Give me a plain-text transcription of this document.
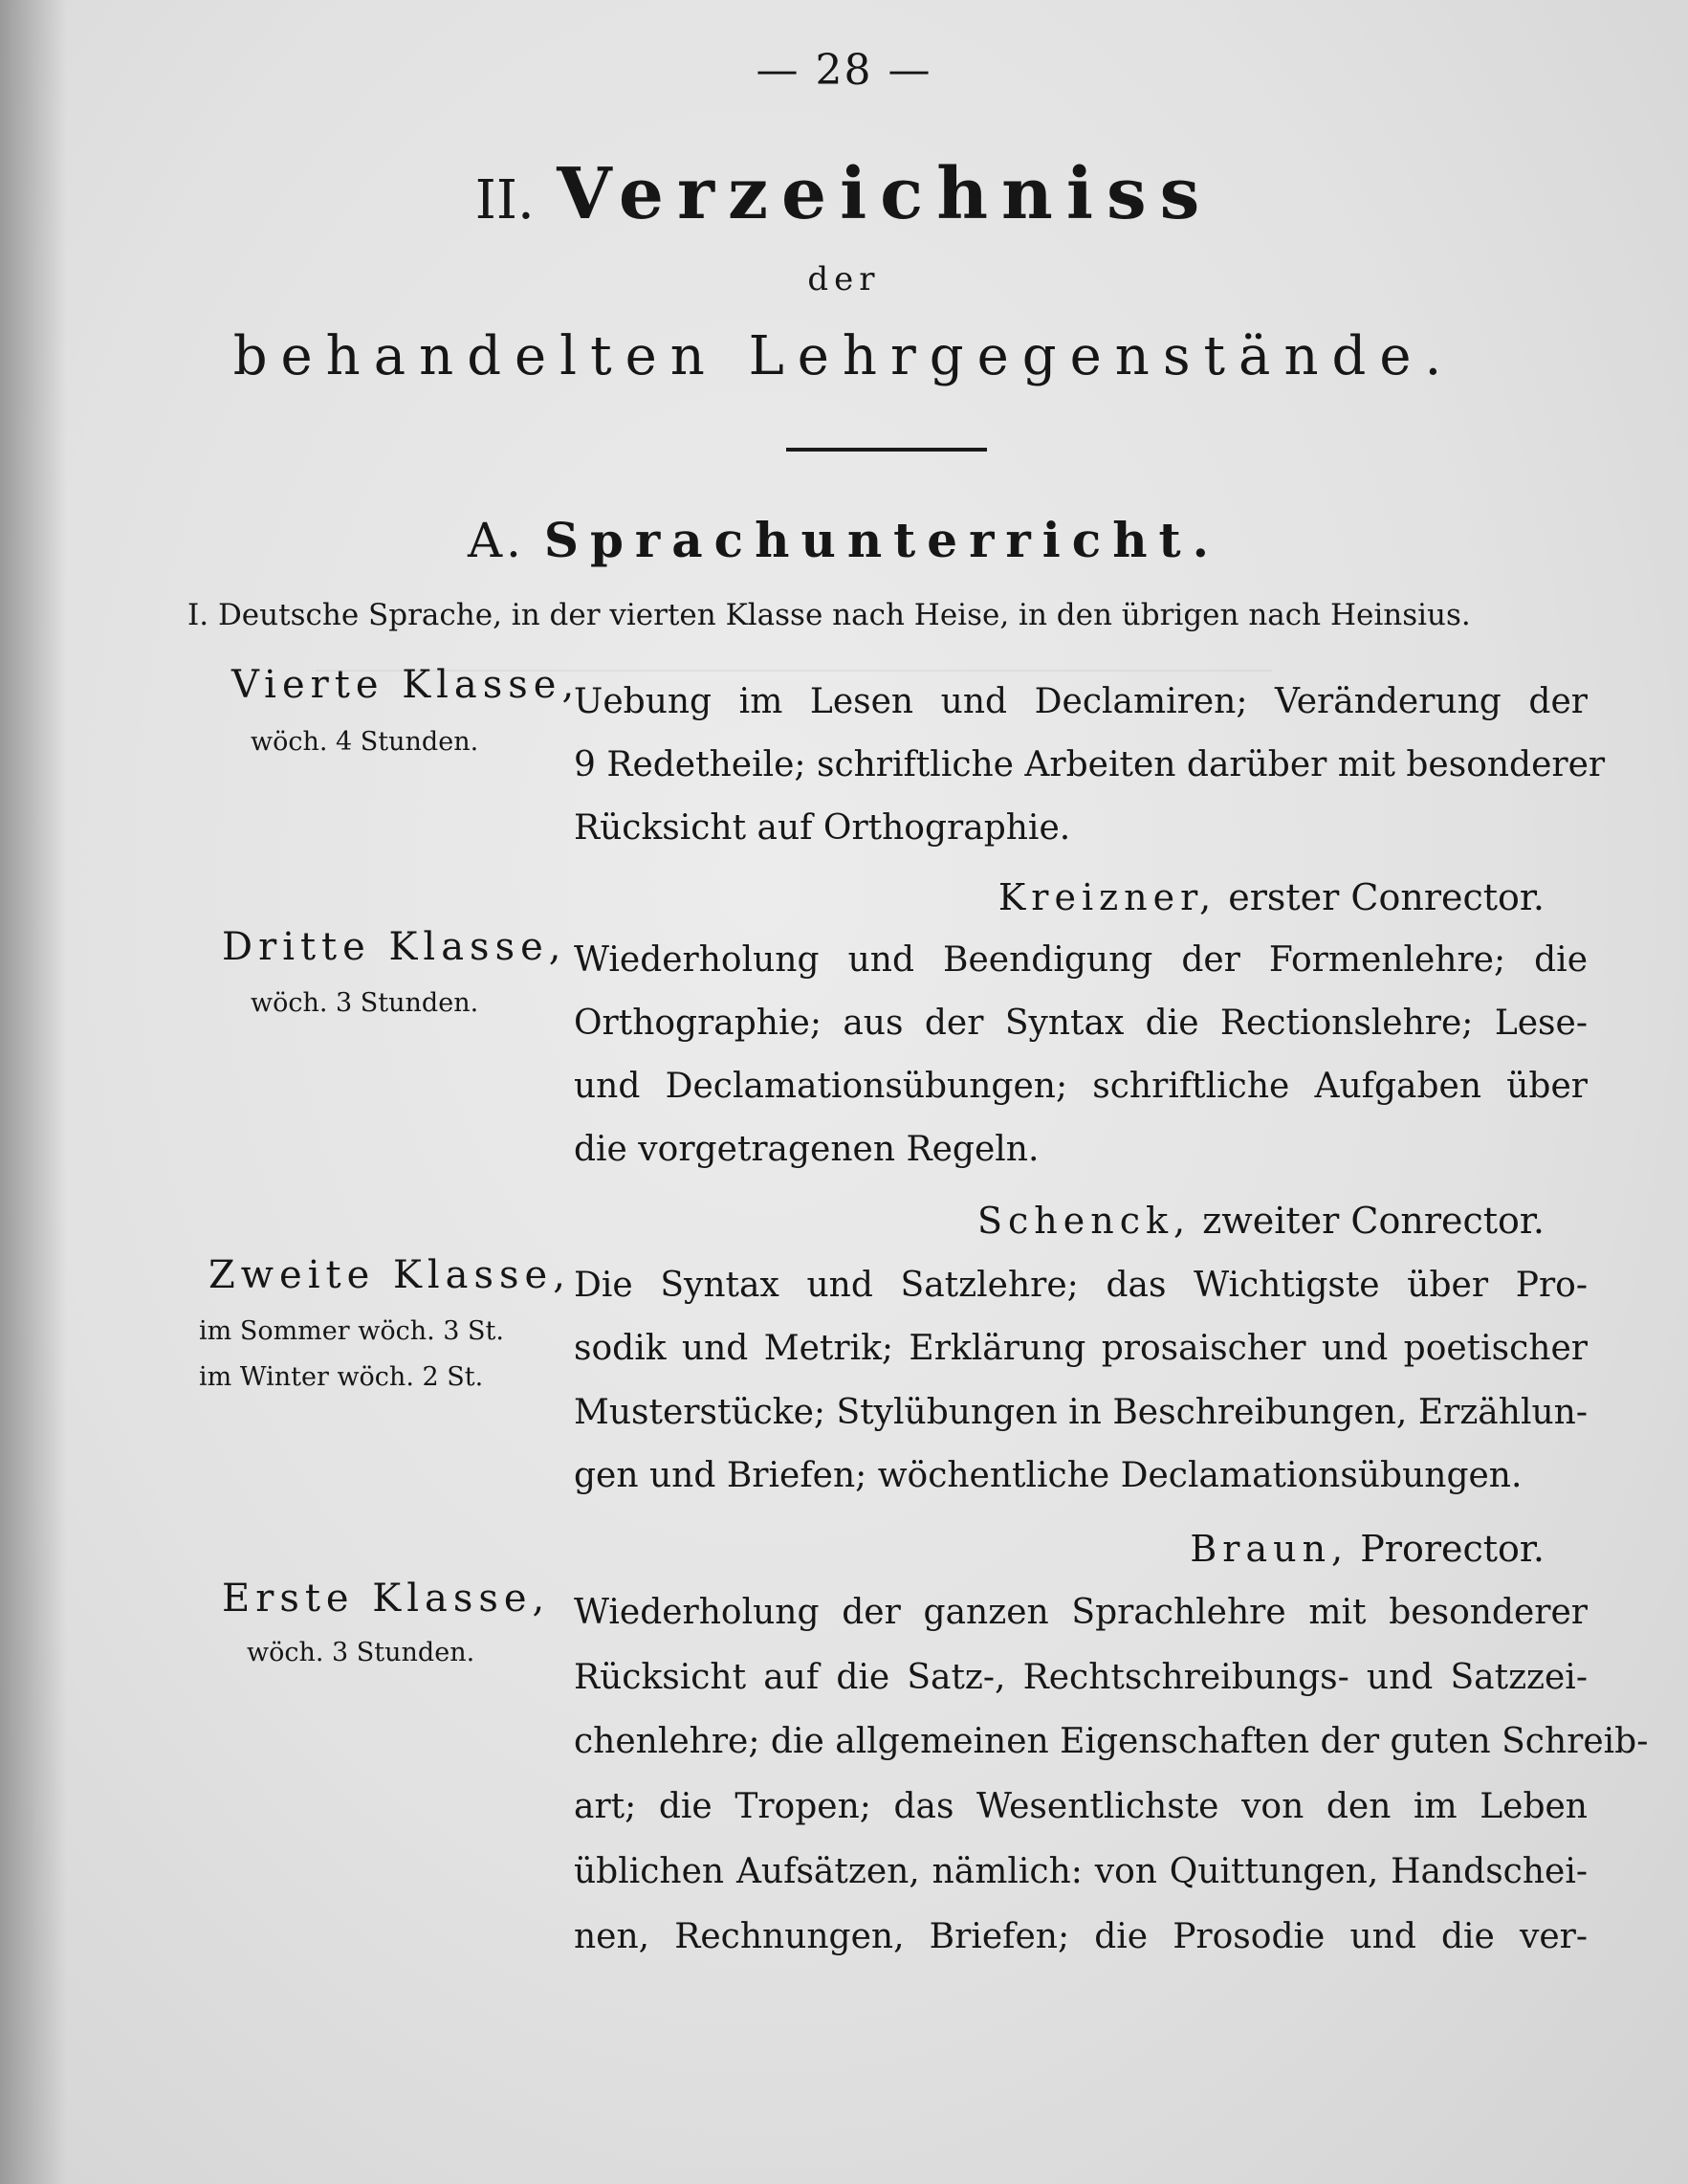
— 28 —
II. Verzeichniss
der
behandelten Lehrgegenstände.
A. Sprachunterricht.
I. Deutsche Sprache, in der vierten Klasse nach Heise, in den übrigen nach Heinsius.
Vierte Klasse,
wöch. 4 Stunden.
Uebung im Lesen und Declamiren; Veränderung der
9 Redetheile; schriftliche Arbeiten darüber mit besonderer
Rücksicht auf Orthographie.
Kreizner, erster Conrector.
Dritte Klasse,
wöch. 3 Stunden.
Wiederholung und Beendigung der Formenlehre; die
Orthographie; aus der Syntax die Rectionslehre; Lese-
und Declamationsübungen; schriftliche Aufgaben über
die vorgetragenen Regeln.
Schenck, zweiter Conrector.
Zweite Klasse,
im Sommer wöch. 3 St.
im Winter wöch. 2 St.
Die Syntax und Satzlehre; das Wichtigste über Pro-
sodik und Metrik; Erklärung prosaischer und poetischer
Musterstücke; Stylübungen in Beschreibungen, Erzählun-
gen und Briefen; wöchentliche Declamationsübungen.
Braun, Prorector.
Erste Klasse,
wöch. 3 Stunden.
Wiederholung der ganzen Sprachlehre mit besonderer
Rücksicht auf die Satz-, Rechtschreibungs- und Satzzei-
chenlehre; die allgemeinen Eigenschaften der guten Schreib-
art; die Tropen; das Wesentlichste von den im Leben
üblichen Aufsätzen, nämlich: von Quittungen, Handschei-
nen, Rechnungen, Briefen; die Prosodie und die ver-
